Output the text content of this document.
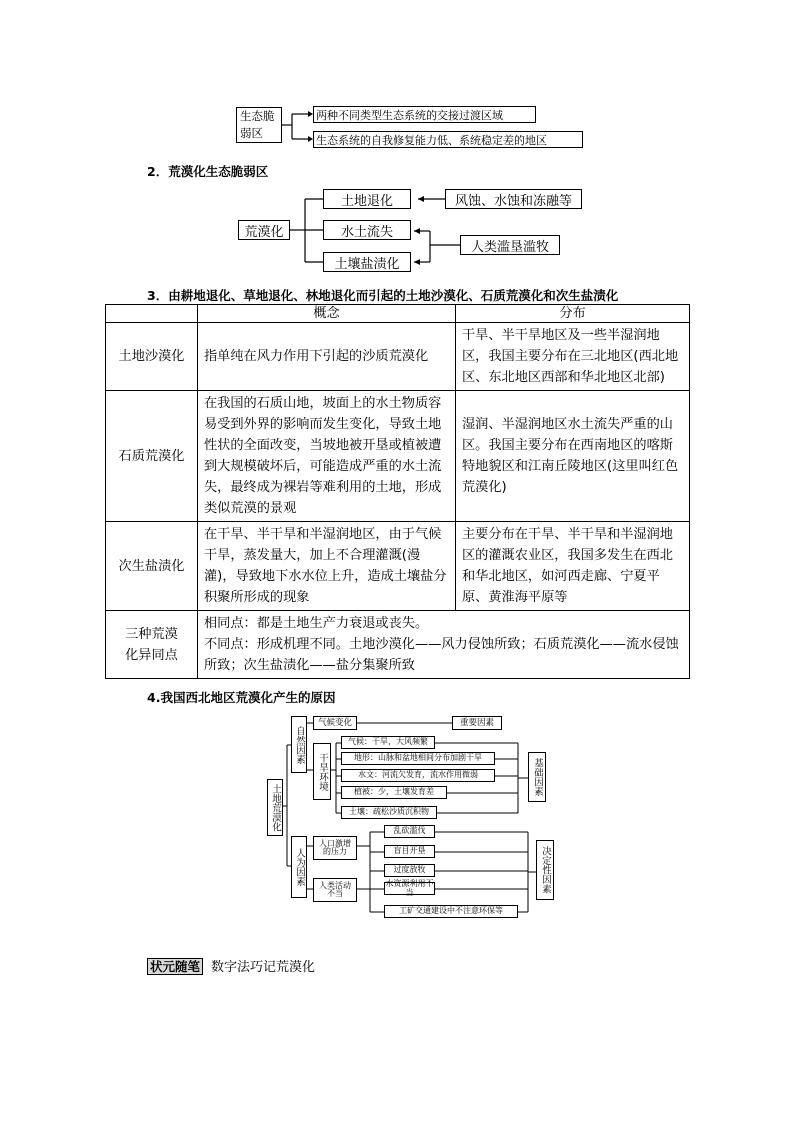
生态脆弱区
两种不同类型生态系统的交接过渡区域
生态系统的自我修复能力低、系统稳定差的地区
2．荒漠化生态脆弱区
荒漠化
土地退化
水土流失
土壤盐渍化
风蚀、水蚀和冻融等
人类滥垦滥牧
3．由耕地退化、草地退化、林地退化而引起的土地沙漠化、石质荒漠化和次生盐渍化
	概念	分布
土地沙漠化	指单纯在风力作用下引起的沙质荒漠化	干旱、半干旱地区及一些半湿润地区，我国主要分布在三北地区(西北地区、东北地区西部和华北地区北部)
石质荒漠化	在我国的石质山地，坡面上的水土物质容易受到外界的影响而发生变化，导致土地性状的全面改变，当坡地被开垦或植被遭到大规模破坏后，可能造成严重的水土流失，最终成为裸岩等难利用的土地，形成类似荒漠的景观	湿润、半湿润地区水土流失严重的山区。我国主要分布在西南地区的喀斯特地貌区和江南丘陵地区(这里叫红色荒漠化)
次生盐渍化	在干旱、半干旱和半湿润地区，由于气候干旱，蒸发量大，加上不合理灌溉(漫灌)，导致地下水水位上升，造成土壤盐分积聚所形成的现象	主要分布在干旱、半干旱和半湿润地区的灌溉农业区，我国多发生在西北和华北地区，如河西走廊、宁夏平原、黄淮海平原等
三种荒漠化异同点	相同点：都是土地生产力衰退或丧失。
不同点：形成机理不同。土地沙漠化——风力侵蚀所致；石质荒漠化——流水侵蚀所致；次生盐渍化——盐分集聚所致	
4.我国西北地区荒漠化产生的原因
土地荒漠化
自然因素
气候变化	重要因素
干旱环境
气候：干旱，大风频繁
地形：山脉和盆地相间分布加剧干旱
水文：河流欠发育，流水作用微弱
植被：少，土壤发育差
土壤：疏松沙质沉积物
基础因素
人为因素
人口激增的压力
人类活动不当
乱砍滥伐
盲目开垦
过度放牧
水资源利用不当
工矿交通建设中不注意环保等
决定性因素
状元随笔 数字法巧记荒漠化
